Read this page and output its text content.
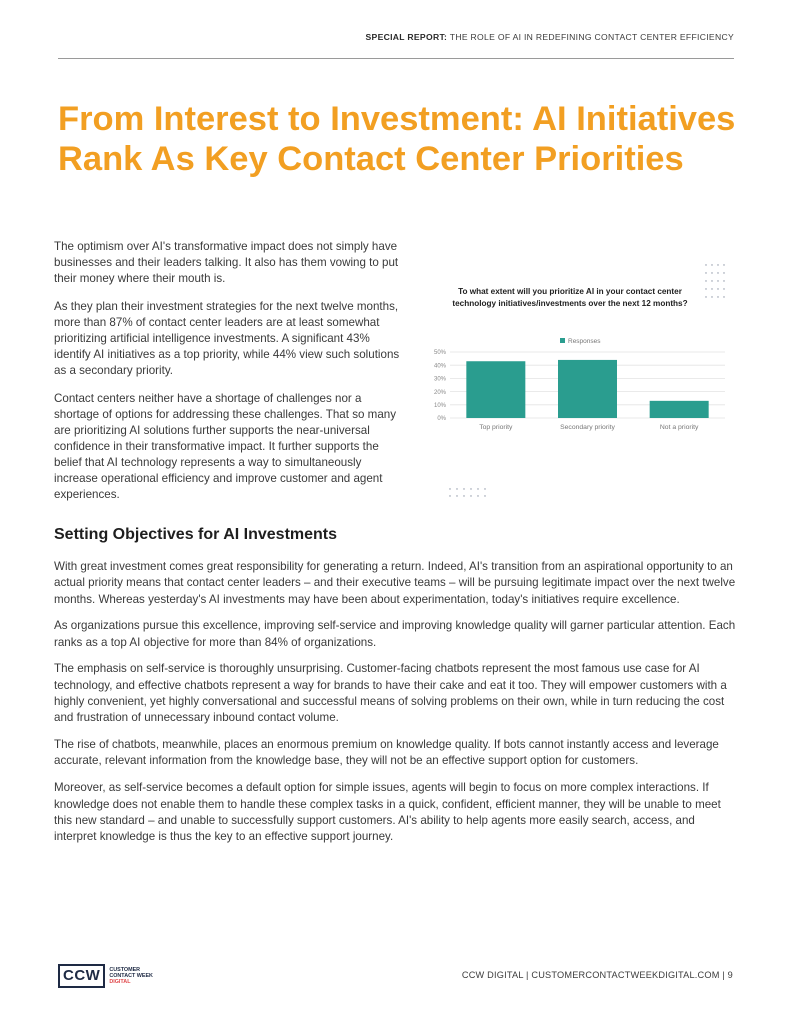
SPECIAL REPORT: THE ROLE OF AI IN REDEFINING CONTACT CENTER EFFICIENCY
From Interest to Investment: AI Initiatives Rank As Key Contact Center Priorities

The optimism over AI's transformative impact does not simply have businesses and their leaders talking. It also has them vowing to put their money where their mouth is.

As they plan their investment strategies for the next twelve months, more than 87% of contact center leaders are at least somewhat prioritizing artificial intelligence investments. A significant 43% identify AI initiatives as a top priority, while 44% view such solutions as a secondary priority.

Contact centers neither have a shortage of challenges nor a shortage of options for addressing these challenges. That so many are prioritizing AI solutions further supports the near-universal confidence in their transformative impact. It further supports the belief that AI technology represents a way to simultaneously increase operational efficiency and improve customer and agent experiences.

To what extent will you prioritize AI in your contact center
technology initiatives/investments over the next 12 months?
Responses
0%
10%
20%
30%
40%
50%
Top priority	Secondary priority	Not a priority
Setting Objectives for AI Investments

With great investment comes great responsibility for generating a return. Indeed, AI's transition from an aspirational opportunity to an actual priority means that contact center leaders – and their executive teams – will be pursuing legitimate impact over the next twelve months. Whereas yesterday's AI investments may have been about experimentation, today's initiatives require excellence.

As organizations pursue this excellence, improving self-service and improving knowledge quality will garner particular attention. Each ranks as a top AI objective for more than 84% of organizations.

The emphasis on self-service is thoroughly unsurprising. Customer-facing chatbots represent the most famous use case for AI technology, and effective chatbots represent a way for brands to have their cake and eat it too. They will empower customers with a highly convenient, yet highly conversational and successful means of solving problems on their own, while in turn reducing the cost and frustration of unnecessary inbound contact volume.

The rise of chatbots, meanwhile, places an enormous premium on knowledge quality. If bots cannot instantly access and leverage accurate, relevant information from the knowledge base, they will not be an effective support option for customers.

Moreover, as self-service becomes a default option for simple issues, agents will begin to focus on more complex interactions. If knowledge does not enable them to handle these complex tasks in a quick, confident, efficient manner, they will be unable to meet this new standard – and unable to successfully support customers. AI's ability to help agents more easily search, access, and interpret knowledge is thus the key to an effective support journey.

CCW	CUSTOMER
CONTACT WEEK
DIGITAL
CCW DIGITAL | CUSTOMERCONTACTWEEKDIGITAL.COM | 9
